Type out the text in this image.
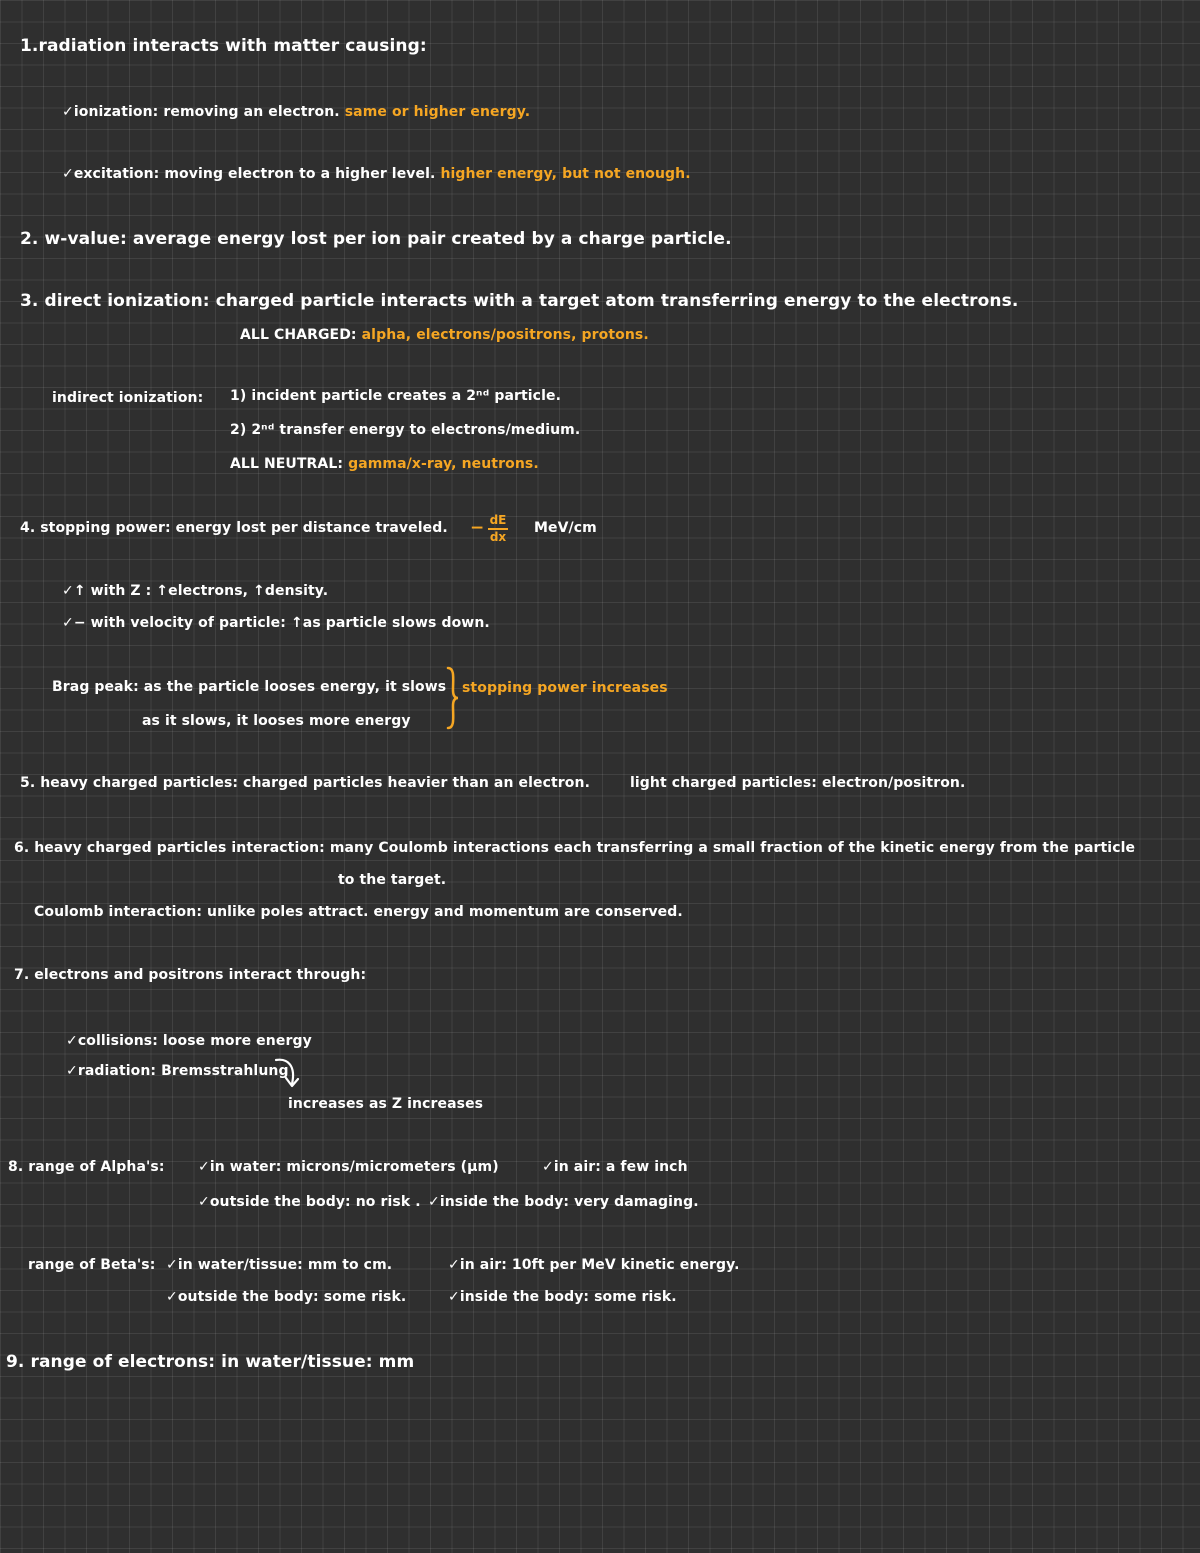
1.radiation interacts with matter causing:
✓ionization: removing an electron. same or higher energy.
✓excitation: moving electron to a higher level. higher energy, but not enough.
2. w-value: average energy lost per ion pair created by a charge particle.
3. direct ionization: charged particle interacts with a target atom transferring energy to the electrons.
ALL CHARGED: alpha, electrons/positrons, protons.
indirect ionization: 1) incident particle creates a 2ⁿᵈ particle.
2) 2ⁿᵈ transfer energy to electrons/medium.
ALL NEUTRAL: gamma/x-ray, neutrons.
4. stopping power: energy lost per distance traveled. − dE
dx
MeV/cm
✓↑ with Z : ↑electrons, ↑density.
✓− with velocity of particle: ↑as particle slows down.
Brag peak: as the particle looses energy, it slows
as it slows, it looses more energy
stopping power increases
5. heavy charged particles: charged particles heavier than an electron.	light charged particles: electron/positron.
6. heavy charged particles interaction: many Coulomb interactions each transferring a small fraction of the kinetic energy from the particle
to the target.
Coulomb interaction: unlike poles attract. energy and momentum are conserved.
7. electrons and positrons interact through:
✓collisions: loose more energy
✓radiation: Bremsstrahlung
increases as Z increases
8. range of Alpha's: ✓in water: microns/micrometers (μm)	✓in air: a few inch
✓outside the body: no risk . ✓inside the body: very damaging.
range of Beta's: ✓in water/tissue: mm to cm.	✓in air: 10ft per MeV kinetic energy.
✓outside the body: some risk.	✓inside the body: some risk.
9. range of electrons: in water/tissue: mm
